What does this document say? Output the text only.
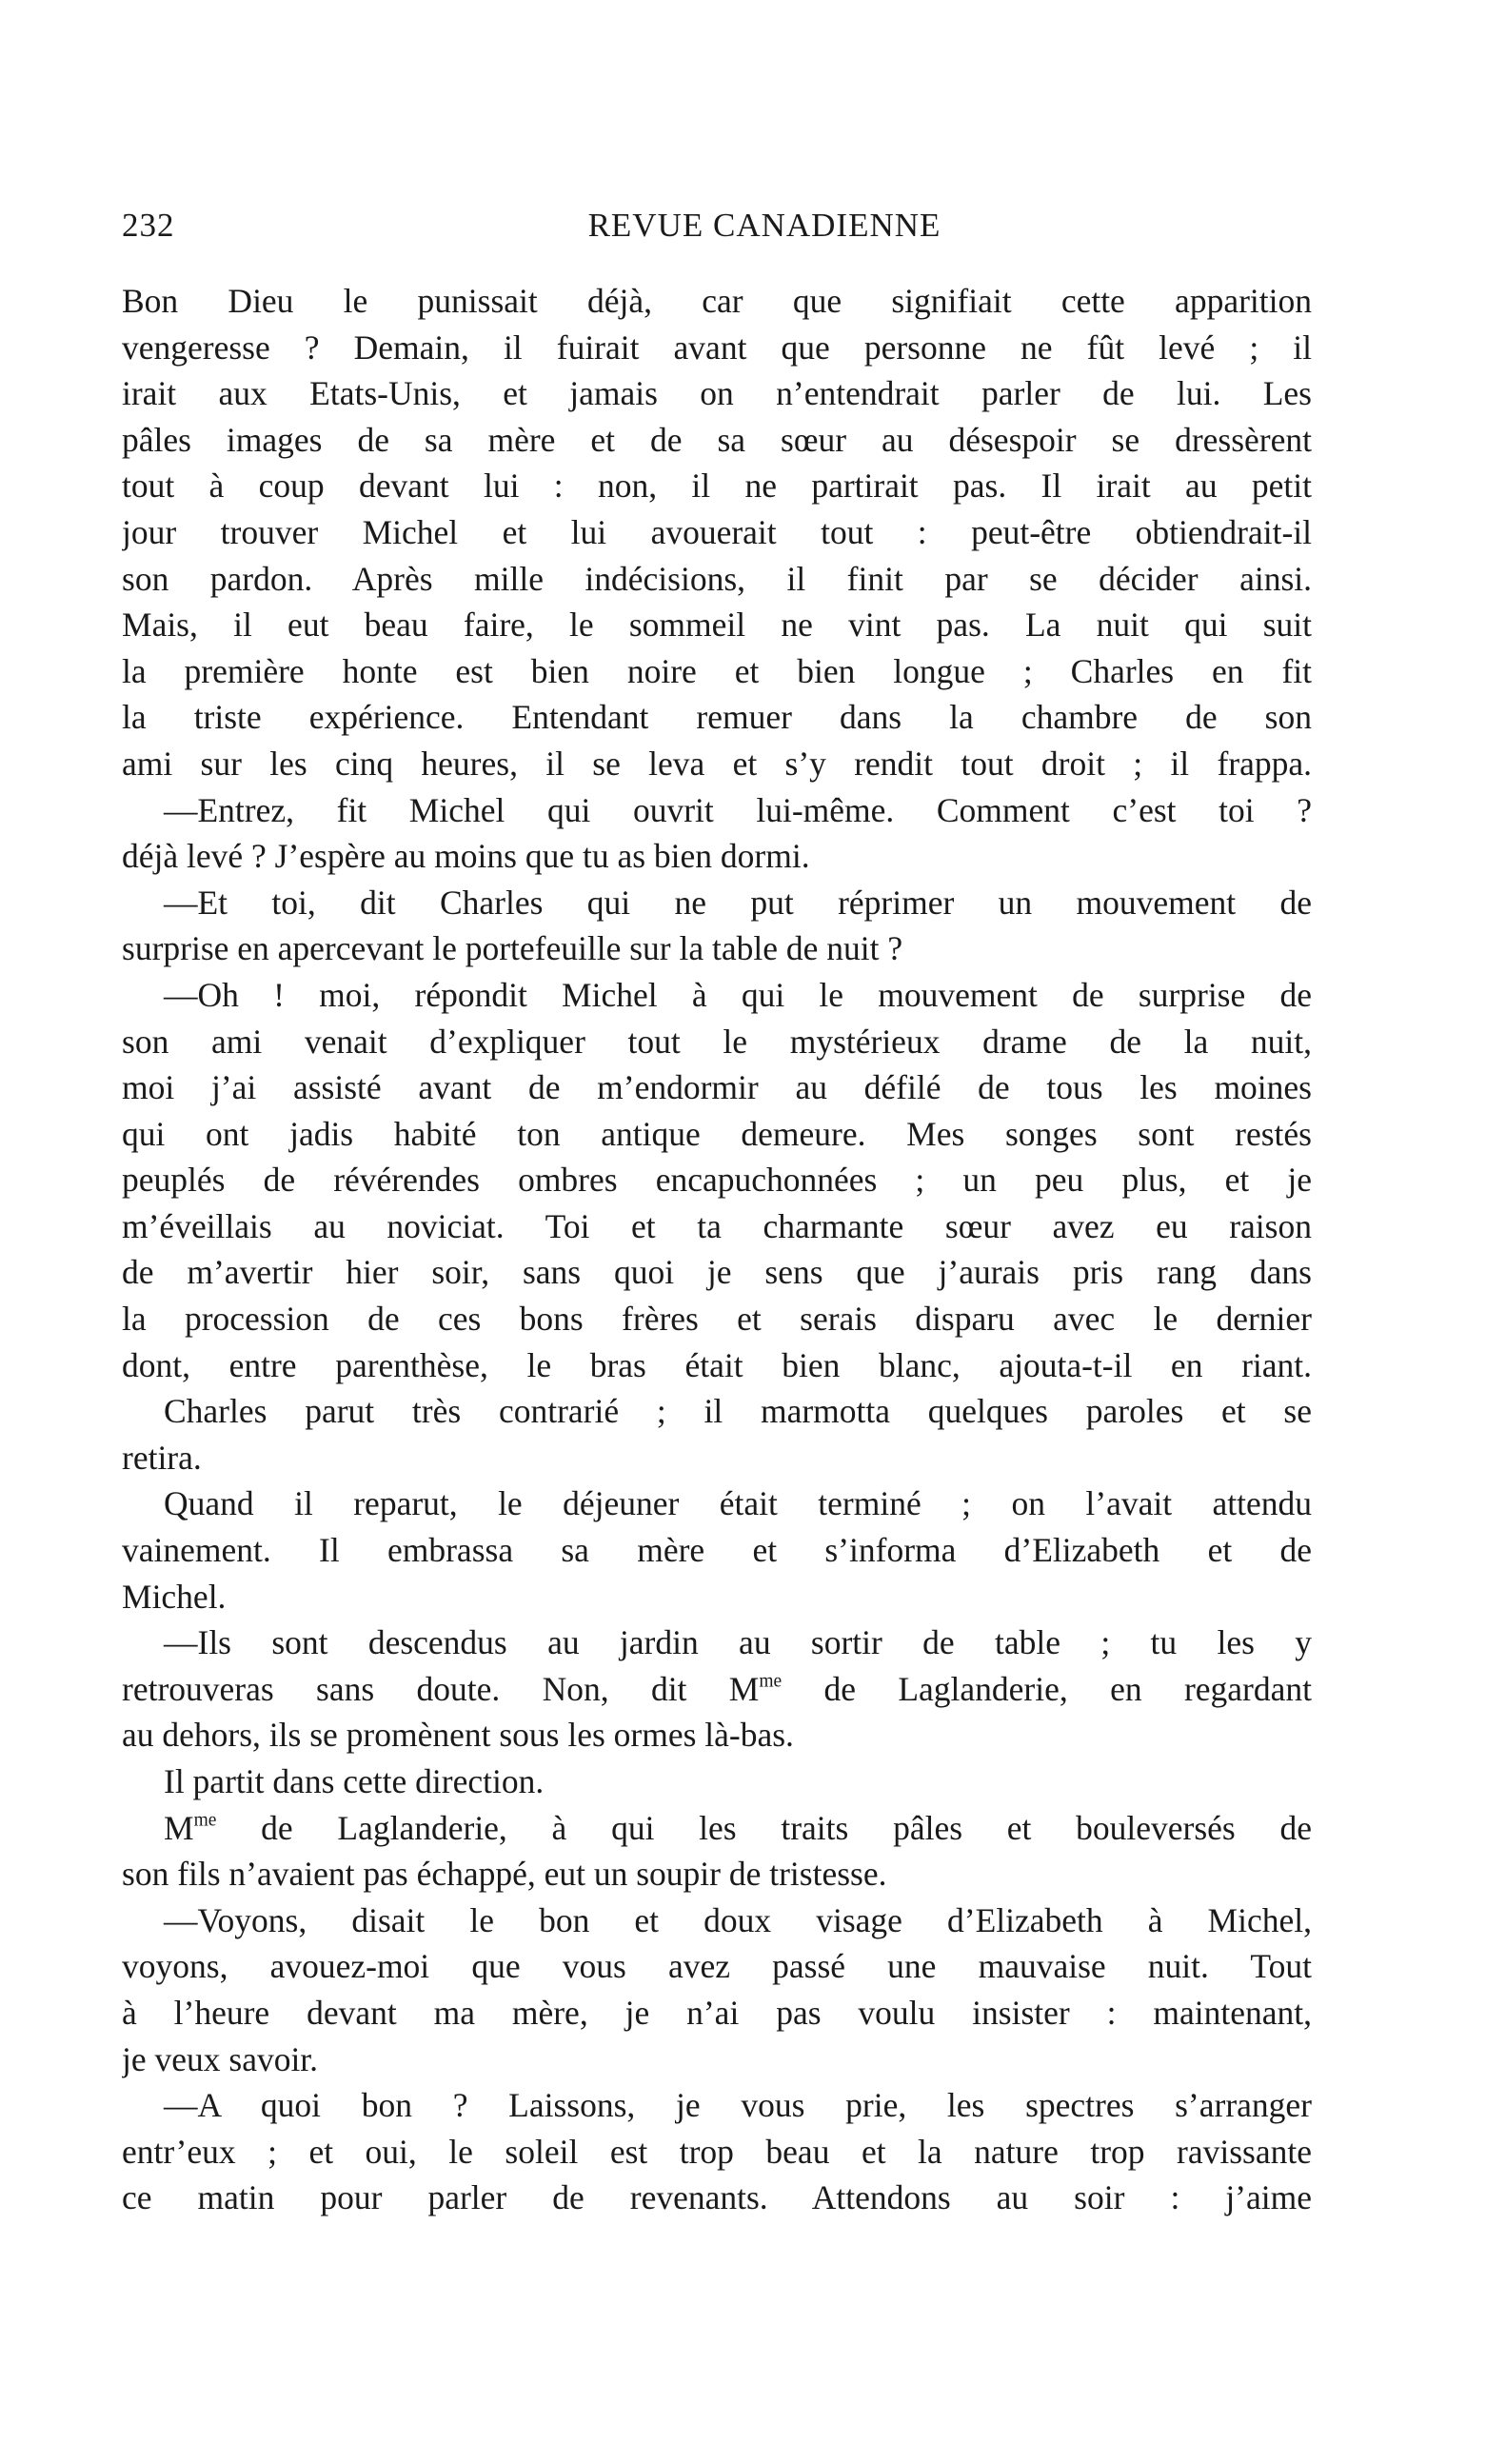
232	REVUE CANADIENNE
Bon Dieu le punissait déjà, car que signifiait cette apparition
vengeresse ? Demain, il fuirait avant que personne ne fût levé ; il
irait aux Etats-Unis, et jamais on n’entendrait parler de lui. Les
pâles images de sa mère et de sa sœur au désespoir se dressèrent
tout à coup devant lui : non, il ne partirait pas. Il irait au petit
jour trouver Michel et lui avouerait tout : peut-être obtiendrait-il
son pardon. Après mille indécisions, il finit par se décider ainsi.
Mais, il eut beau faire, le sommeil ne vint pas. La nuit qui suit
la première honte est bien noire et bien longue ; Charles en fit
la triste expérience. Entendant remuer dans la chambre de son
ami sur les cinq heures, il se leva et s’y rendit tout droit ; il frappa.
—Entrez, fit Michel qui ouvrit lui-même. Comment c’est toi ?
déjà levé ? J’espère au moins que tu as bien dormi.
—Et toi, dit Charles qui ne put réprimer un mouvement de
surprise en apercevant le portefeuille sur la table de nuit ?
—Oh ! moi, répondit Michel à qui le mouvement de surprise de
son ami venait d’expliquer tout le mystérieux drame de la nuit,
moi j’ai assisté avant de m’endormir au défilé de tous les moines
qui ont jadis habité ton antique demeure. Mes songes sont restés
peuplés de révérendes ombres encapuchonnées ; un peu plus, et je
m’éveillais au noviciat. Toi et ta charmante sœur avez eu raison
de m’avertir hier soir, sans quoi je sens que j’aurais pris rang dans
la procession de ces bons frères et serais disparu avec le dernier
dont, entre parenthèse, le bras était bien blanc, ajouta-t-il en riant.
Charles parut très contrarié ; il marmotta quelques paroles et se
retira.
Quand il reparut, le déjeuner était terminé ; on l’avait attendu
vainement. Il embrassa sa mère et s’informa d’Elizabeth et de
Michel.
—Ils sont descendus au jardin au sortir de table ; tu les y
retrouveras sans doute. Non, dit $M^{me}$ de Laglanderie, en regardant
au dehors, ils se promènent sous les ormes là-bas.
Il partit dans cette direction.
$M^{me}$ de Laglanderie, à qui les traits pâles et bouleversés de
son fils n’avaient pas échappé, eut un soupir de tristesse.
—Voyons, disait le bon et doux visage d’Elizabeth à Michel,
voyons, avouez-moi que vous avez passé une mauvaise nuit. Tout
à l’heure devant ma mère, je n’ai pas voulu insister : maintenant,
je veux savoir.
—A quoi bon ? Laissons, je vous prie, les spectres s’arranger
entr’eux ; et oui, le soleil est trop beau et la nature trop ravissante
ce matin pour parler de revenants. Attendons au soir : j’aime
